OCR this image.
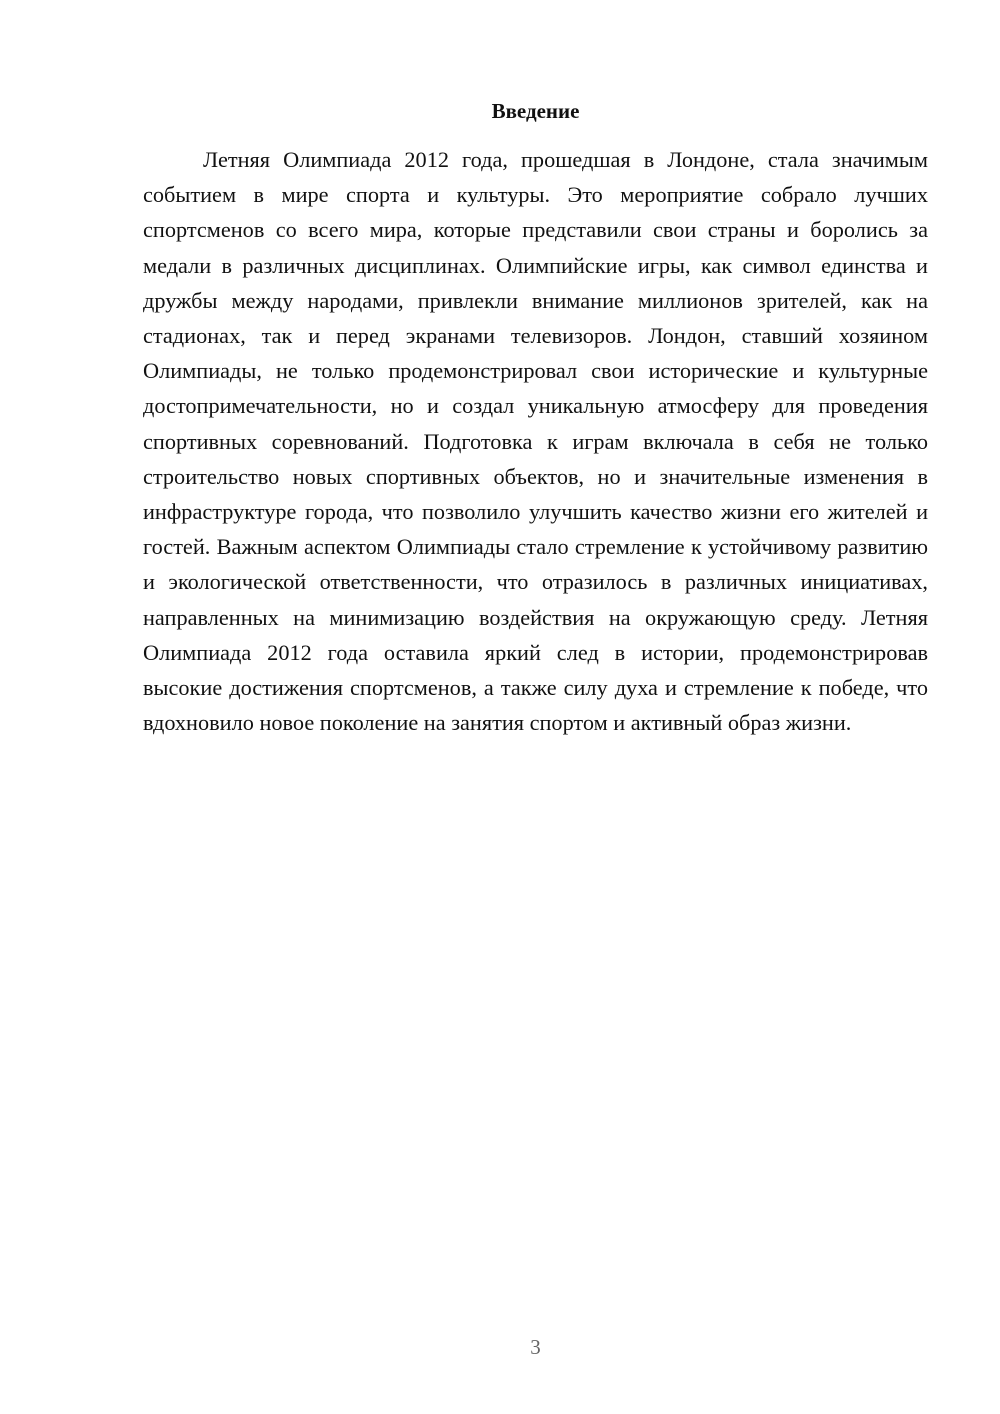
Введение

Летняя Олимпиада 2012 года, прошедшая в Лондоне, стала значимым событием в мире спорта и культуры. Это мероприятие собрало лучших спортсменов со всего мира, которые представили свои страны и боролись за медали в различных дисциплинах. Олимпийские игры, как символ единства и дружбы между народами, привлекли внимание миллионов зрителей, как на стадионах, так и перед экранами телевизоров. Лондон, ставший хозяином Олимпиады, не только продемонстрировал свои исторические и культурные достопримечательности, но и создал уникальную атмосферу для проведения спортивных соревнований. Подготовка к играм включала в себя не только строительство новых спортивных объектов, но и значительные изменения в инфраструктуре города, что позволило улучшить качество жизни его жителей и гостей. Важным аспектом Олимпиады стало стремление к устойчивому развитию и экологической ответственности, что отразилось в различных инициативах, направленных на минимизацию воздействия на окружающую среду. Летняя Олимпиада 2012 года оставила яркий след в истории, продемонстрировав высокие достижения спортсменов, а также силу духа и стремление к победе, что вдохновило новое поколение на занятия спортом и активный образ жизни.

3
